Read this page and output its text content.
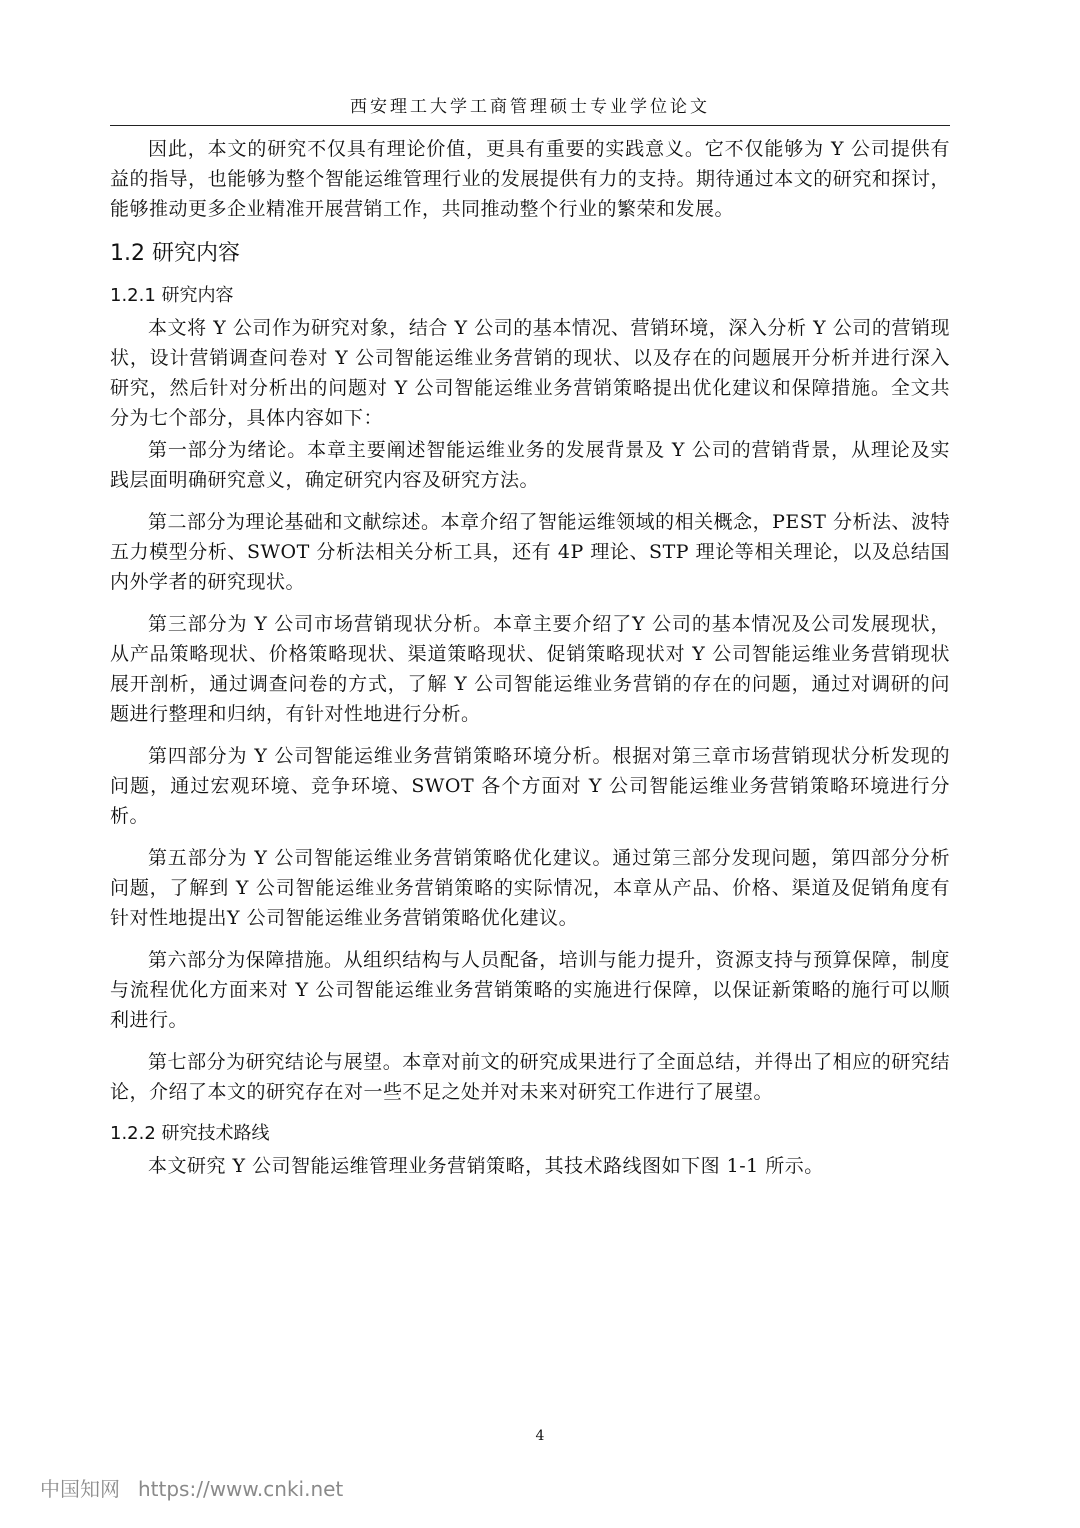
西安理工大学工商管理硕士专业学位论文

因此，本文的研究不仅具有理论价值，更具有重要的实践意义。它不仅能够为 Y 公司提供有益的指导，也能够为整个智能运维管理行业的发展提供有力的支持。期待通过本文的研究和探讨，能够推动更多企业精准开展营销工作，共同推动整个行业的繁荣和发展。

1.2 研究内容
1.2.1 研究内容

本文将 Y 公司作为研究对象，结合 Y 公司的基本情况、营销环境，深入分析 Y 公司的营销现状，设计营销调查问卷对 Y 公司智能运维业务营销的现状、以及存在的问题展开分析并进行深入研究，然后针对分析出的问题对 Y 公司智能运维业务营销策略提出优化建议和保障措施。全文共分为七个部分，具体内容如下：

第一部分为绪论。本章主要阐述智能运维业务的发展背景及 Y 公司的营销背景，从理论及实践层面明确研究意义，确定研究内容及研究方法。

第二部分为理论基础和文献综述。本章介绍了智能运维领域的相关概念，PEST 分析法、波特五力模型分析、SWOT 分析法相关分析工具，还有 4P 理论、STP 理论等相关理论，以及总结国内外学者的研究现状。

第三部分为 Y 公司市场营销现状分析。本章主要介绍了Y 公司的基本情况及公司发展现状，从产品策略现状、价格策略现状、渠道策略现状、促销策略现状对 Y 公司智能运维业务营销现状展开剖析，通过调查问卷的方式，了解 Y 公司智能运维业务营销的存在的问题，通过对调研的问题进行整理和归纳，有针对性地进行分析。

第四部分为 Y 公司智能运维业务营销策略环境分析。根据对第三章市场营销现状分析发现的问题，通过宏观环境、竞争环境、SWOT 各个方面对 Y 公司智能运维业务营销策略环境进行分析。

第五部分为 Y 公司智能运维业务营销策略优化建议。通过第三部分发现问题，第四部分分析问题，了解到 Y 公司智能运维业务营销策略的实际情况，本章从产品、价格、渠道及促销角度有针对性地提出Y 公司智能运维业务营销策略优化建议。

第六部分为保障措施。从组织结构与人员配备，培训与能力提升，资源支持与预算保障，制度与流程优化方面来对 Y 公司智能运维业务营销策略的实施进行保障，以保证新策略的施行可以顺利进行。

第七部分为研究结论与展望。本章对前文的研究成果进行了全面总结，并得出了相应的研究结论，介绍了本文的研究存在对一些不足之处并对未来对研究工作进行了展望。

1.2.2 研究技术路线

本文研究 Y 公司智能运维管理业务营销策略，其技术路线图如下图 1-1 所示。

4
中国知网 https://www.cnki.net
